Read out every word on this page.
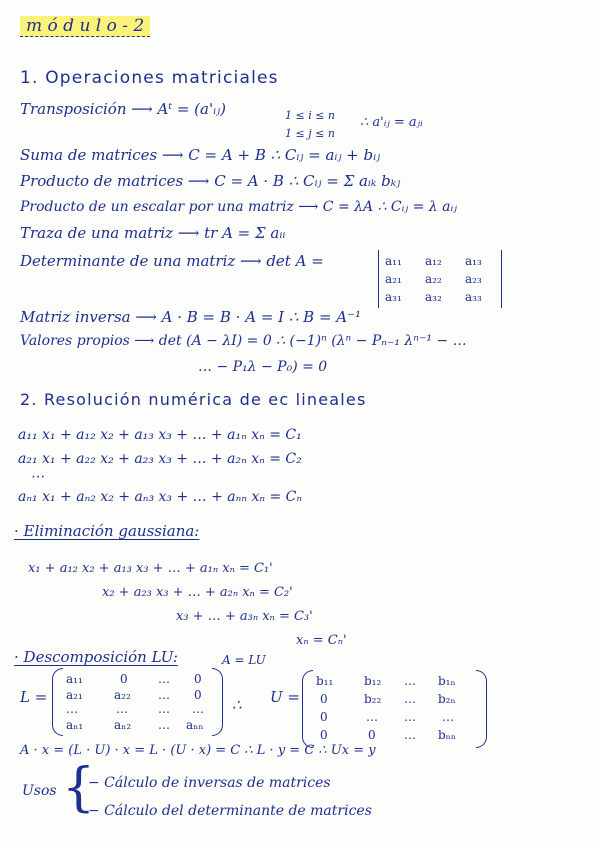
m ó d u l o - 2
1. Operaciones matriciales
Transposición ⟶ Aᵗ = (a'ᵢⱼ)	1 ≤ i ≤ n
1 ≤ j ≤ n
∴ a'ᵢⱼ = aⱼᵢ
Suma de matrices ⟶ C = A + B ∴ Cᵢⱼ = aᵢⱼ + bᵢⱼ
Producto de matrices ⟶ C = A · B ∴ Cᵢⱼ = Σ aᵢₖ bₖⱼ
Producto de un escalar por una matriz ⟶ C = λA ∴ Cᵢⱼ = λ aᵢⱼ
Traza de una matriz ⟶ tr A = Σ aᵢᵢ
Determinante de una matriz ⟶ det A =	a₁₁ a₁₂ a₁₃
a₂₁ a₂₂ a₂₃
a₃₁ a₃₂ a₃₃
Matriz inversa ⟶ A · B = B · A = I ∴ B = A⁻¹
Valores propios ⟶ det (A − λI) = 0 ∴ (−1)ⁿ (λⁿ − Pₙ₋₁ λⁿ⁻¹ − …
… − P₁λ − P₀) = 0
2. Resolución numérica de ec lineales
a₁₁ x₁ + a₁₂ x₂ + a₁₃ x₃ + … + a₁ₙ xₙ = C₁
a₂₁ x₁ + a₂₂ x₂ + a₂₃ x₃ + … + a₂ₙ xₙ = C₂
⋯
aₙ₁ x₁ + aₙ₂ x₂ + aₙ₃ x₃ + … + aₙₙ xₙ = Cₙ
· Eliminación gaussiana:
x₁ + a₁₂ x₂ + a₁₃ x₃ + … + a₁ₙ xₙ = C₁'
x₂ + a₂₃ x₃ + … + a₂ₙ xₙ = C₂'
x₃ + … + a₃ₙ xₙ = C₃'
xₙ = Cₙ'
· Descomposición LU:	A = LU
L =
a₁₁	0	… 0
a₂₁	a₂₂ … 0
…	…	… …
aₙ₁	aₙ₂ … aₙₙ
∴ U =
b₁₁	b₁₂ … b₁ₙ
0	b₂₂ … b₂ₙ
0	… … …
0	0 … bₙₙ
A · x = (L · U) · x = L · (U · x) = C ∴ L · y = C ∴ Ux = y
Usos {
− Cálculo de inversas de matrices
− Cálculo del determinante de matrices
